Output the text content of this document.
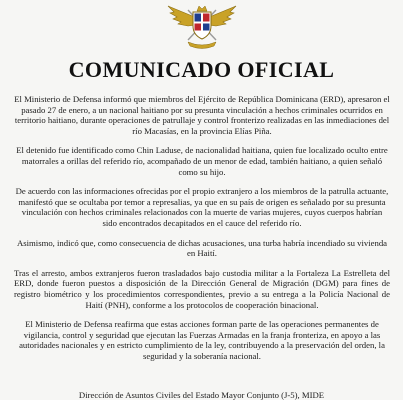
COMUNICADO OFICIAL

El Ministerio de Defensa informó que miembros del Ejército de República Dominicana (ERD), apresaron el pasado 27 de enero, a un nacional haitiano por su presunta vinculación a hechos criminales ocurridos en territorio haitiano, durante operaciones de patrullaje y control fronterizo realizadas en las inmediaciones del río Macasías, en la provincia Elías Piña.

El detenido fue identificado como Chin Laduse, de nacionalidad haitiana, quien fue localizado oculto entre matorrales a orillas del referido río, acompañado de un menor de edad, también haitiano, a quien señaló como su hijo.

De acuerdo con las informaciones ofrecidas por el propio extranjero a los miembros de la patrulla actuante, manifestó que se ocultaba por temor a represalias, ya que en su país de origen es señalado por su presunta vinculación con hechos criminales relacionados con la muerte de varias mujeres, cuyos cuerpos habrían sido encontrados decapitados en el cauce del referido río.

Asimismo, indicó que, como consecuencia de dichas acusaciones, una turba habría incendiado su vivienda en Haití.

Tras el arresto, ambos extranjeros fueron trasladados bajo custodia militar a la Fortaleza La Estrelleta del ERD, donde fueron puestos a disposición de la Dirección General de Migración (DGM) para fines de registro biométrico y los procedimientos correspondientes, previo a su entrega a la Policía Nacional de Haití (PNH), conforme a los protocolos de cooperación binacional.

El Ministerio de Defensa reafirma que estas acciones forman parte de las operaciones permanentes de vigilancia, control y seguridad que ejecutan las Fuerzas Armadas en la franja fronteriza, en apoyo a las autoridades nacionales y en estricto cumplimiento de la ley, contribuyendo a la preservación del orden, la seguridad y la soberanía nacional.

Dirección de Asuntos Civiles del Estado Mayor Conjunto (J-5), MIDE
